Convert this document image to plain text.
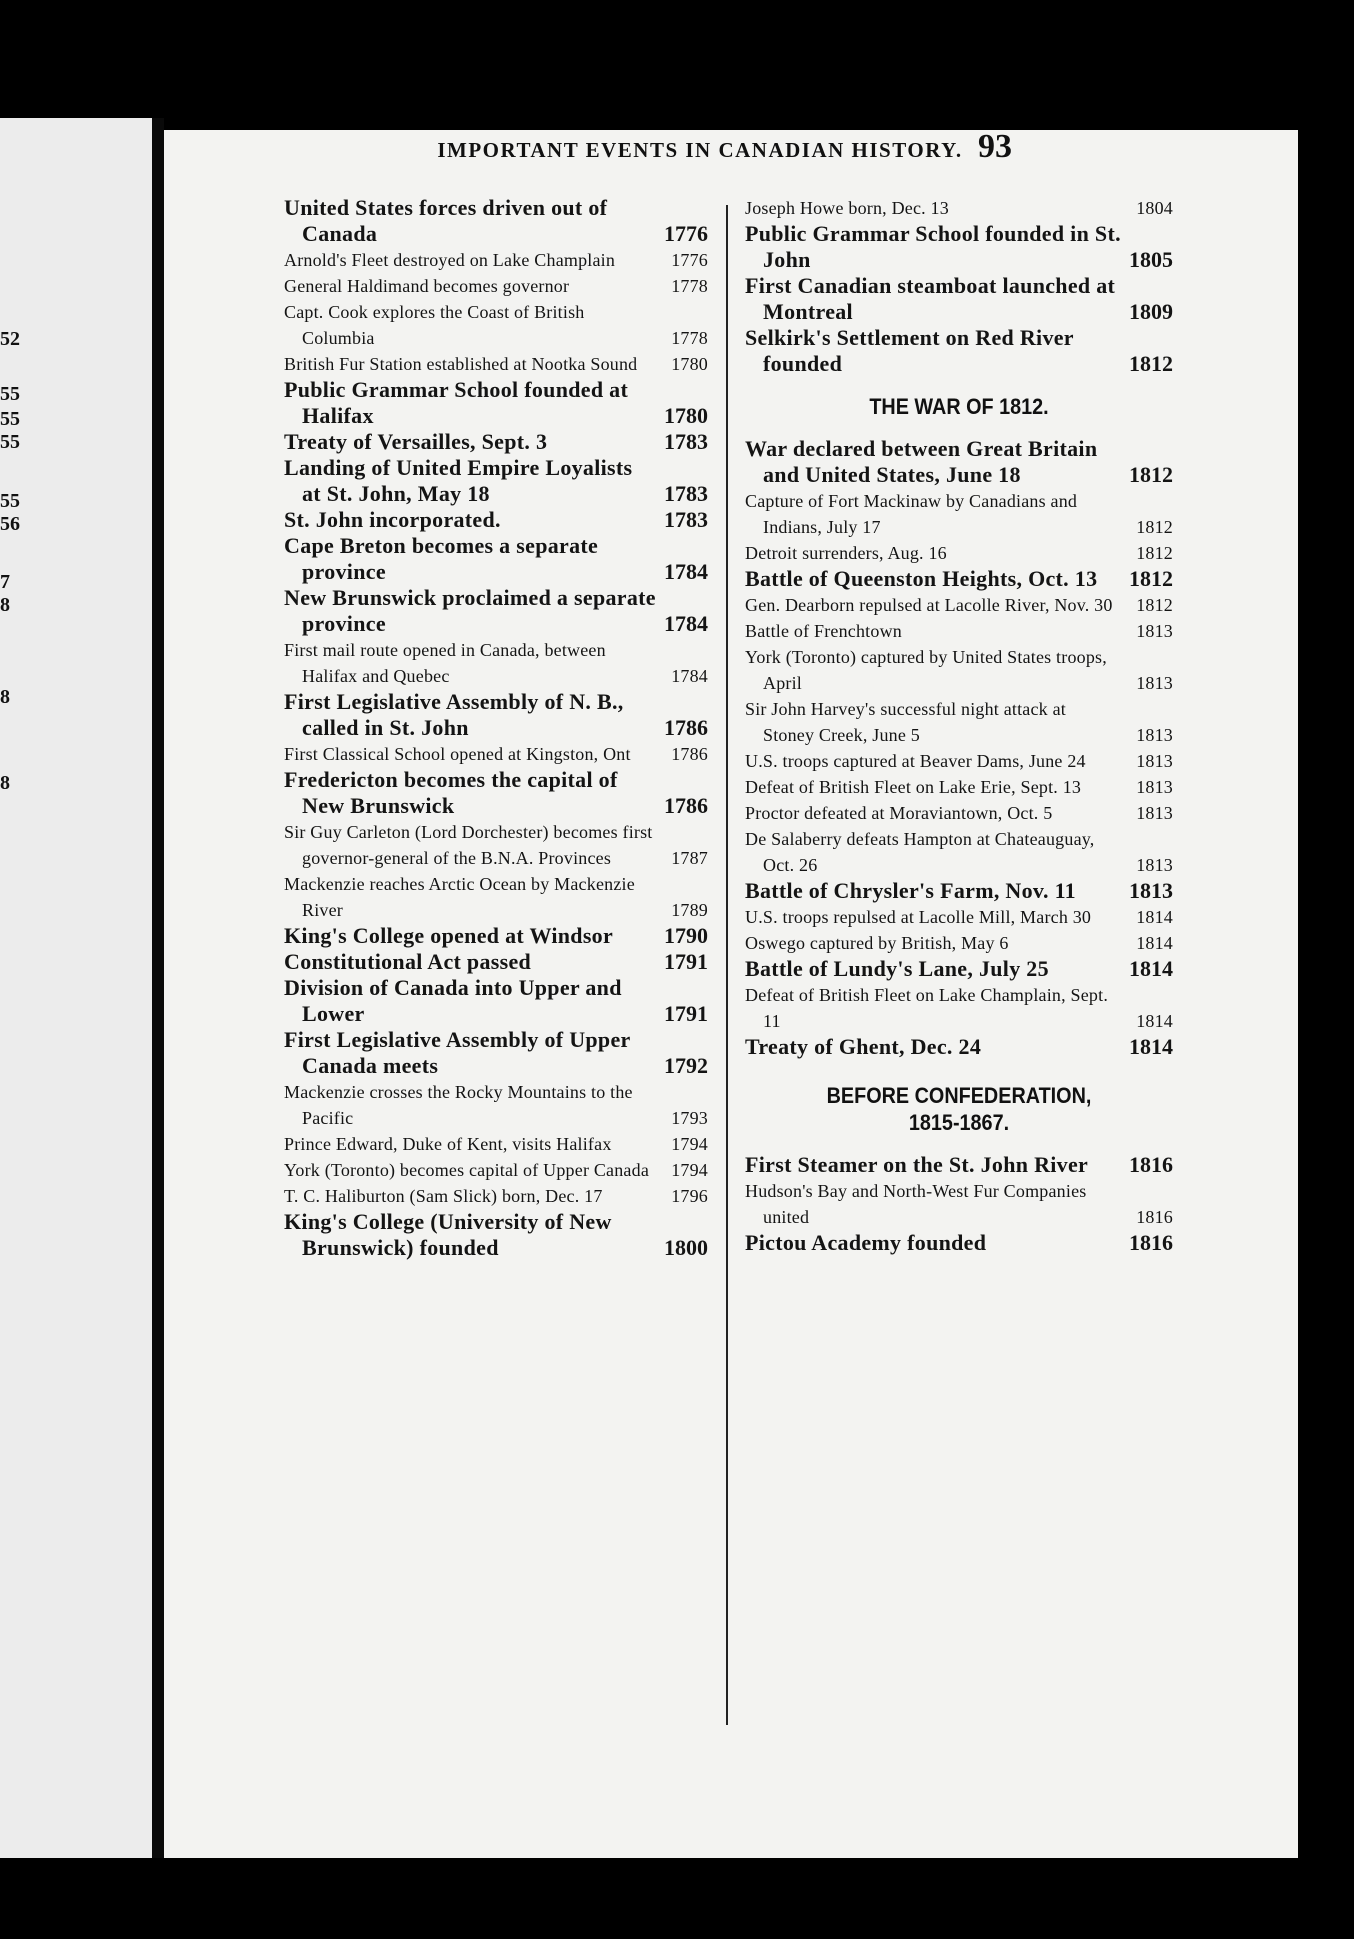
52
55
55
55
55
56
7
8
8
8
IMPORTANT EVENTS IN CANADIAN HISTORY. 93
United States forces driven out of Canada	1776
Arnold's Fleet destroyed on Lake Champlain	1776
General Haldimand becomes governor	1778
Capt. Cook explores the Coast of British Columbia	1778
British Fur Station established at Nootka Sound	1780
Public Grammar School founded at Halifax	1780
Treaty of Versailles, Sept. 3	1783
Landing of United Empire Loyalists at St. John, May 18	1783
St. John incorporated.	1783
Cape Breton becomes a separate province	1784
New Brunswick proclaimed a separate province	1784
First mail route opened in Canada, between Halifax and Quebec	1784
First Legislative Assembly of N. B., called in St. John	1786
First Classical School opened at Kingston, Ont	1786
Fredericton becomes the capital of New Brunswick	1786
Sir Guy Carleton (Lord Dorchester) becomes first governor-general of the B.N.A. Provinces	1787
Mackenzie reaches Arctic Ocean by Mackenzie River	1789
King's College opened at Windsor	1790
Constitutional Act passed	1791
Division of Canada into Upper and Lower	1791
First Legislative Assembly of Upper Canada meets	1792
Mackenzie crosses the Rocky Mountains to the Pacific	1793
Prince Edward, Duke of Kent, visits Halifax	1794
York (Toronto) becomes capital of Upper Canada	1794
T. C. Haliburton (Sam Slick) born, Dec. 17	1796
King's College (University of New Brunswick) founded	1800
Joseph Howe born, Dec. 13	1804
Public Grammar School founded in St. John	1805
First Canadian steamboat launched at Montreal	1809
Selkirk's Settlement on Red River founded	1812
THE WAR OF 1812.
War declared between Great Britain and United States, June 18	1812
Capture of Fort Mackinaw by Canadians and Indians, July 17	1812
Detroit surrenders, Aug. 16	1812
Battle of Queenston Heights, Oct. 13	1812
Gen. Dearborn repulsed at Lacolle River, Nov. 30	1812
Battle of Frenchtown	1813
York (Toronto) captured by United States troops, April	1813
Sir John Harvey's successful night attack at Stoney Creek, June 5	1813
U.S. troops captured at Beaver Dams, June 24	1813
Defeat of British Fleet on Lake Erie, Sept. 13	1813
Proctor defeated at Moraviantown, Oct. 5	1813
De Salaberry defeats Hampton at Chateauguay, Oct. 26	1813
Battle of Chrysler's Farm, Nov. 11	1813
U.S. troops repulsed at Lacolle Mill, March 30	1814
Oswego captured by British, May 6	1814
Battle of Lundy's Lane, July 25	1814
Defeat of British Fleet on Lake Champlain, Sept. 11	1814
Treaty of Ghent, Dec. 24	1814
BEFORE CONFEDERATION,
1815-1867.
First Steamer on the St. John River	1816
Hudson's Bay and North-West Fur Companies united	1816
Pictou Academy founded	1816
